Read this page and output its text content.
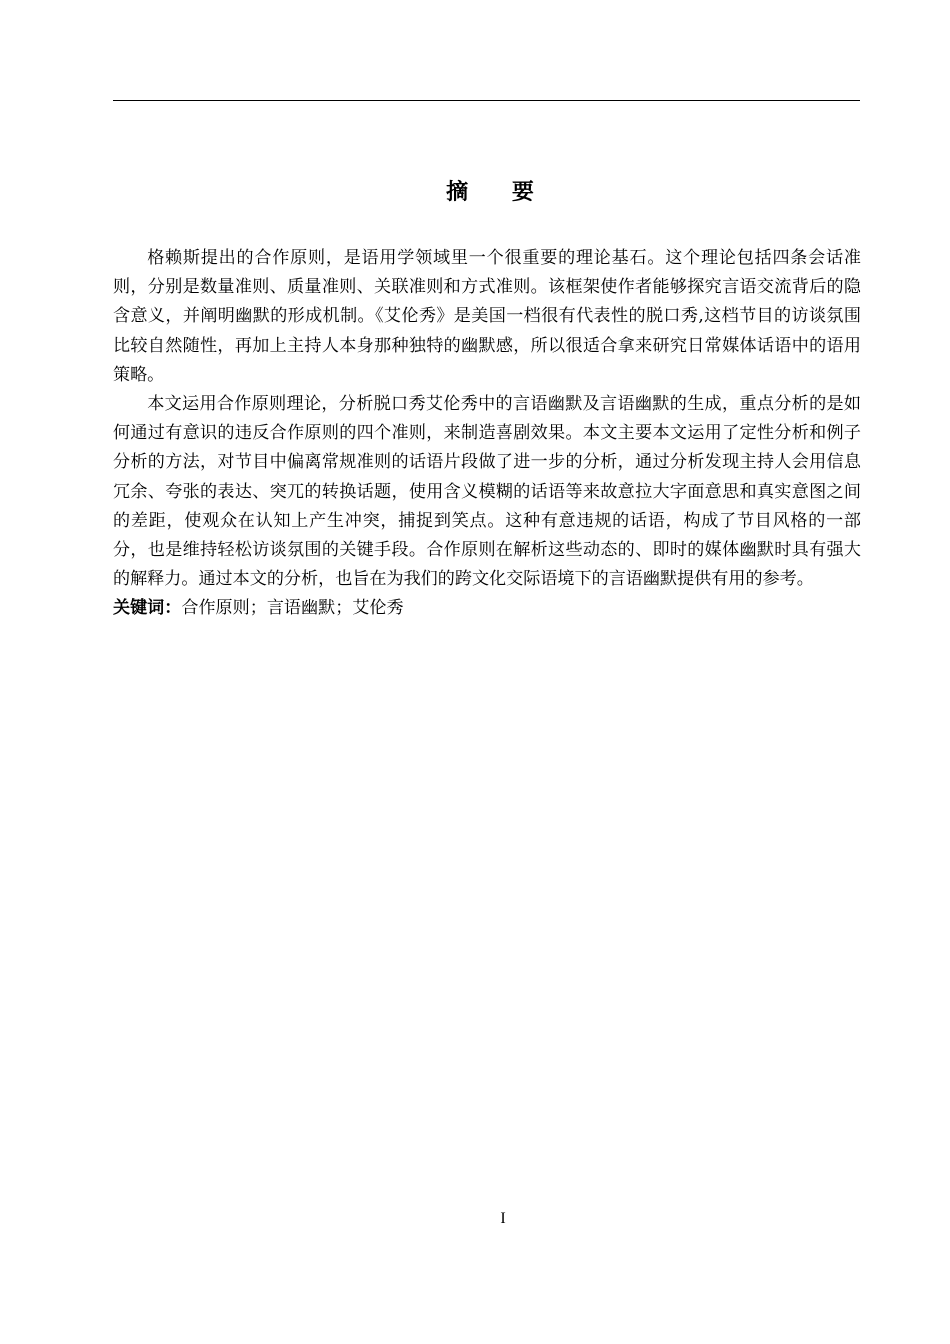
摘 要

格赖斯提出的合作原则，是语用学领域里一个很重要的理论基石。这个理论包括四条会话准则，分别是数量准则、质量准则、关联准则和方式准则。该框架使作者能够探究言语交流背后的隐含意义，并阐明幽默的形成机制。《艾伦秀》是美国一档很有代表性的脱口秀,这档节目的访谈氛围比较自然随性，再加上主持人本身那种独特的幽默感，所以很适合拿来研究日常媒体话语中的语用策略。

本文运用合作原则理论，分析脱口秀艾伦秀中的言语幽默及言语幽默的生成，重点分析的是如何通过有意识的违反合作原则的四个准则，来制造喜剧效果。本文主要本文运用了定性分析和例子分析的方法，对节目中偏离常规准则的话语片段做了进一步的分析，通过分析发现主持人会用信息冗余、夸张的表达、突兀的转换话题，使用含义模糊的话语等来故意拉大字面意思和真实意图之间的差距，使观众在认知上产生冲突，捕捉到笑点。这种有意违规的话语，构成了节目风格的一部分，也是维持轻松访谈氛围的关键手段。合作原则在解析这些动态的、即时的媒体幽默时具有强大的解释力。通过本文的分析，也旨在为我们的跨文化交际语境下的言语幽默提供有用的参考。

关键词：合作原则；言语幽默；艾伦秀

I
